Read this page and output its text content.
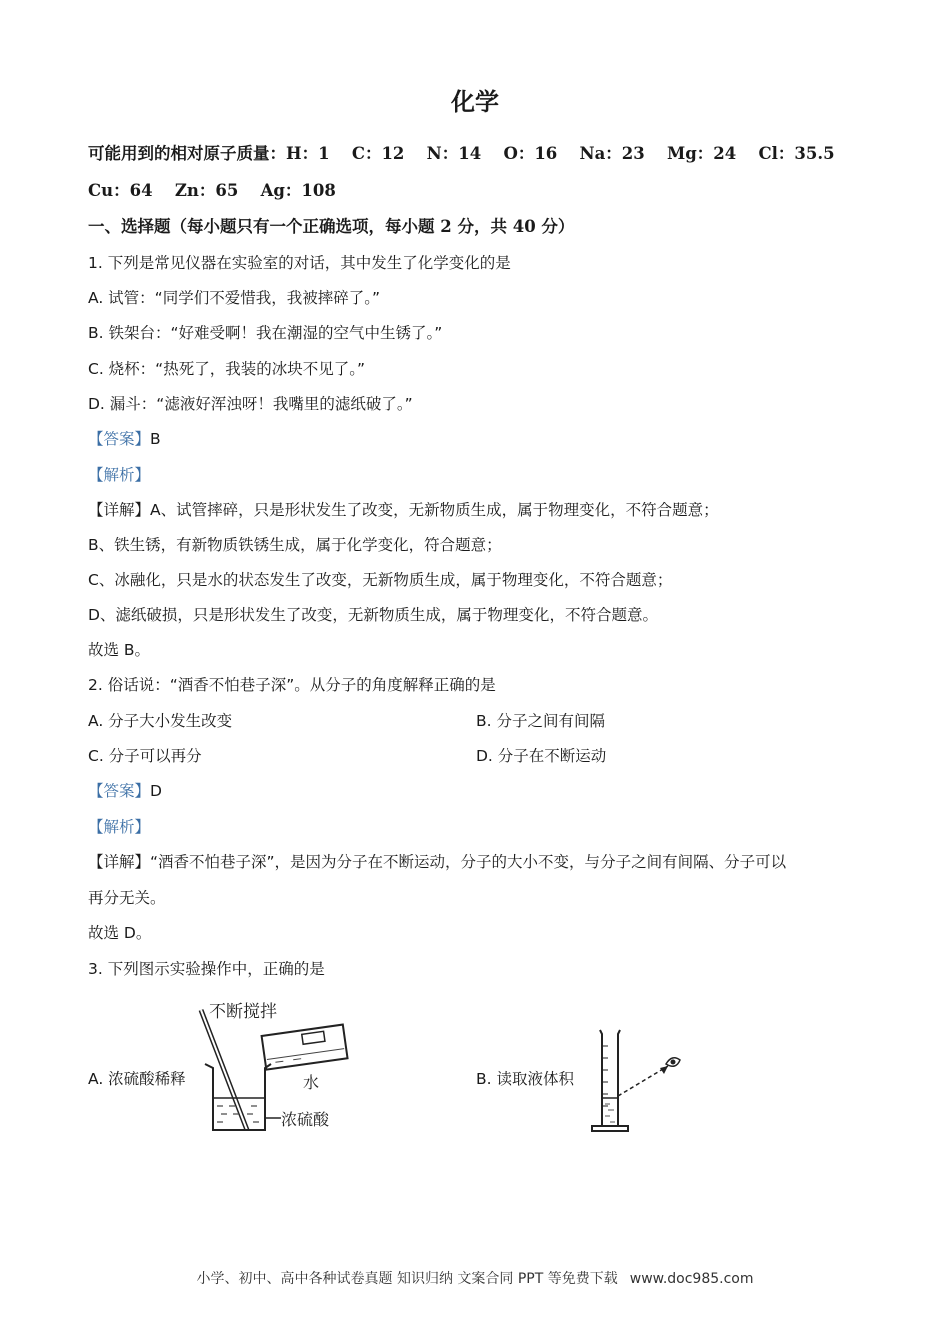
化学
可能用到的相对原子质量：H：1　 C：12　 N：14　 O：16　 Na：23　 Mg：24　 Cl：35.5
Cu：64　 Zn：65　 Ag：108
一、选择题（每小题只有一个正确选项，每小题 2 分，共 40 分）
1. 下列是常见仪器在实验室的对话，其中发生了化学变化的是
A. 试管：“同学们不爱惜我，我被摔碎了。”
B. 铁架台：“好难受啊！我在潮湿的空气中生锈了。”
C. 烧杯：“热死了，我装的冰块不见了。”
D. 漏斗：“滤液好浑浊呀！我嘴里的滤纸破了。”
【答案】B
【解析】
【详解】A、试管摔碎，只是形状发生了改变，无新物质生成，属于物理变化，不符合题意；
B、铁生锈，有新物质铁锈生成，属于化学变化，符合题意；
C、冰融化，只是水的状态发生了改变，无新物质生成，属于物理变化，不符合题意；
D、滤纸破损，只是形状发生了改变，无新物质生成，属于物理变化，不符合题意。
故选 B。
2. 俗话说：“酒香不怕巷子深”。从分子的角度解释正确的是
A. 分子大小发生改变	B. 分子之间有间隔
C. 分子可以再分	D. 分子在不断运动
【答案】D
【解析】
【详解】“酒香不怕巷子深”，是因为分子在不断运动，分子的大小不变，与分子之间有间隔、分子可以
再分无关。
故选 D。
3. 下列图示实验操作中，正确的是
A. 浓硫酸稀释	B. 读取液体积
不断搅拌
水
浓硫酸
小学、初中、高中各种试卷真题 知识归纳 文案合同 PPT 等免费下载 www.doc985.com
